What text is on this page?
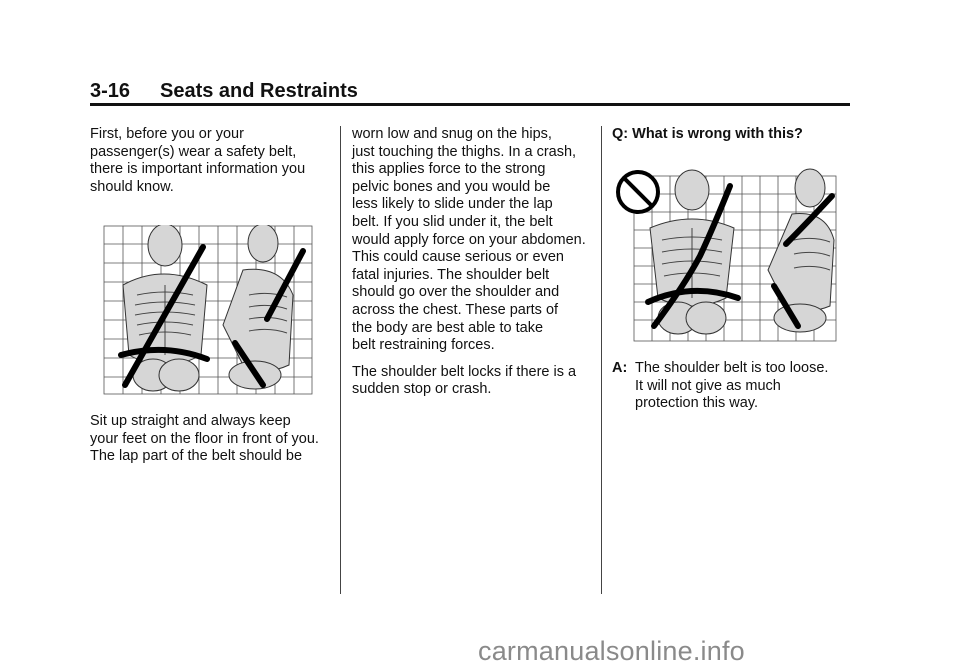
3-16 Seats and Restraints

First, before you or your
passenger(s) wear a safety belt,
there is important information you
should know.

Sit up straight and always keep
your feet on the floor in front of you.
The lap part of the belt should be

worn low and snug on the hips,
just touching the thighs. In a crash,
this applies force to the strong
pelvic bones and you would be
less likely to slide under the lap
belt. If you slid under it, the belt
would apply force on your abdomen.
This could cause serious or even
fatal injuries. The shoulder belt
should go over the shoulder and
across the chest. These parts of
the body are best able to take
belt restraining forces.

The shoulder belt locks if there is a
sudden stop or crash.

Q: What is wrong with this?
A: The shoulder belt is too loose.
It will not give as much
protection this way.
carmanualsonline.info
